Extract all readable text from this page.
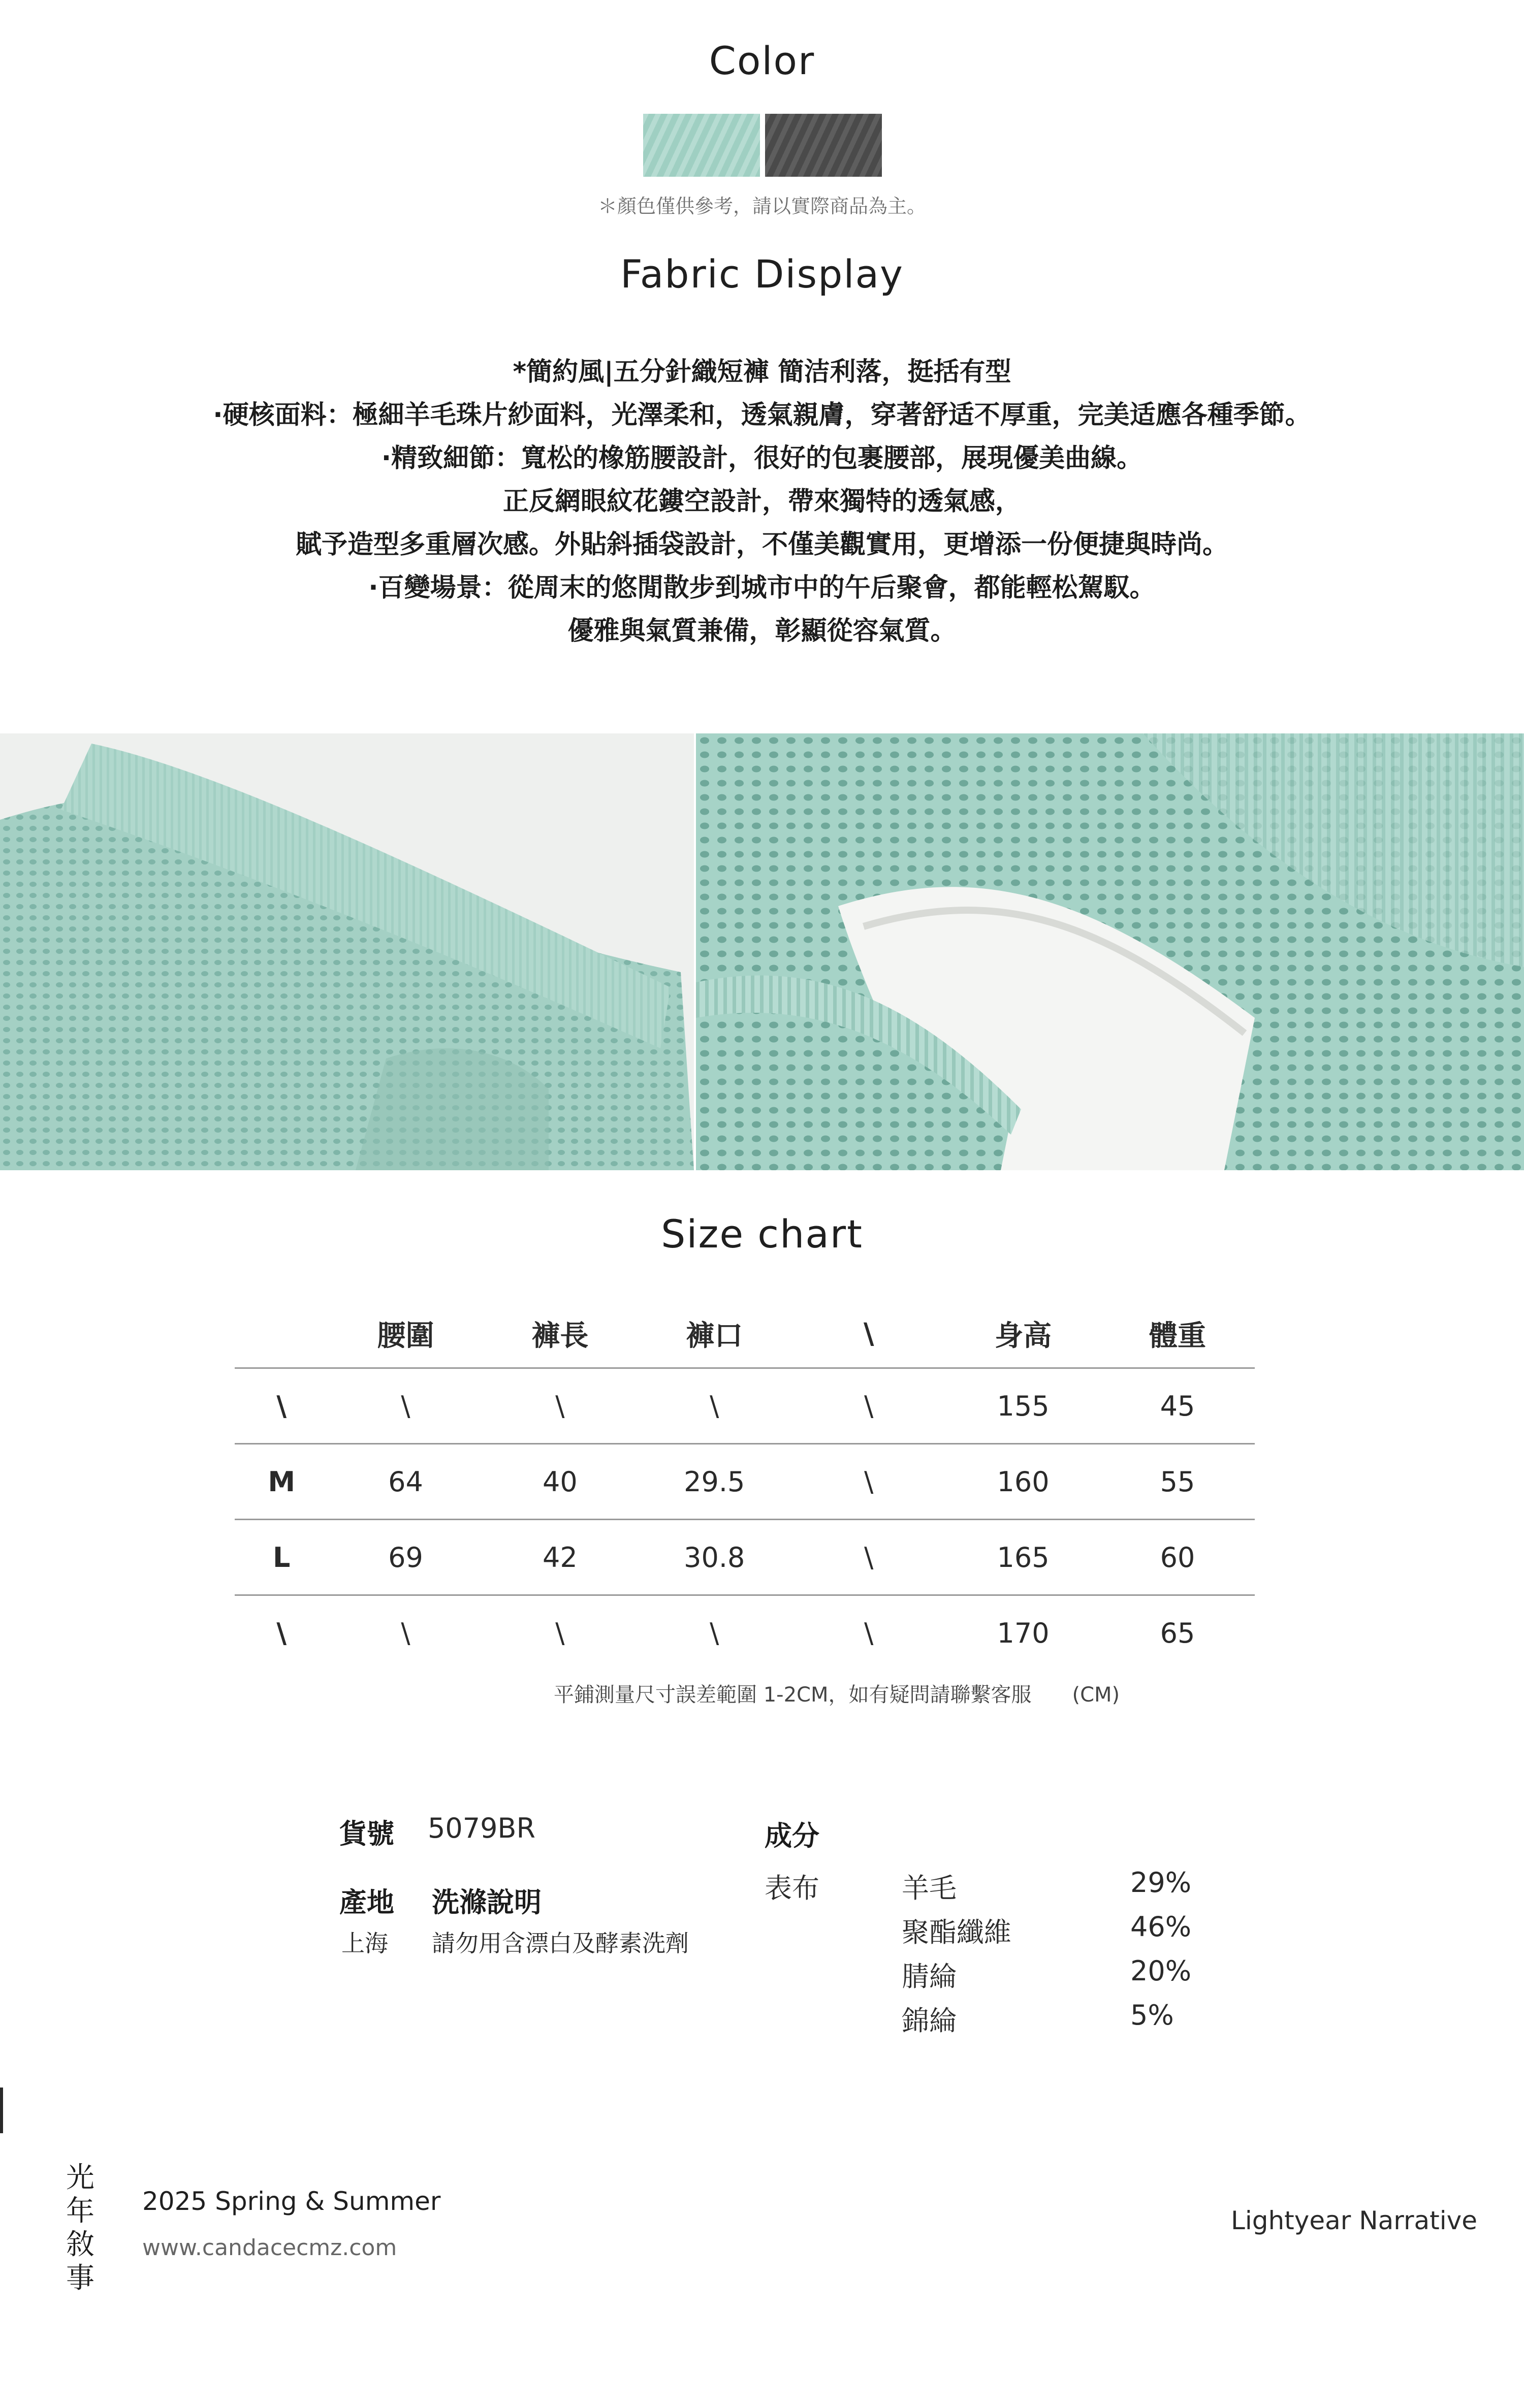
Color
＊顏色僅供參考，請以實際商品為主。
Fabric Display
*簡約風|五分針織短褲 簡洁利落，挺括有型
·硬核面料：極細羊毛珠片紗面料，光澤柔和，透氣親膚，穿著舒适不厚重，完美适應各種季節。
·精致細節：寬松的橡筋腰設計，很好的包裹腰部，展現優美曲線。
正反網眼紋花鏤空設計，帶來獨特的透氣感，
賦予造型多重層次感。外貼斜插袋設計，不僅美觀實用，更增添一份便捷與時尚。
·百變場景：從周末的悠閒散步到城市中的午后聚會，都能輕松駕馭。
優雅與氣質兼備，彰顯從容氣質。
Size chart
	腰圍	褲長	褲口	\	身高	體重
\	\	\	\	\	155	45
M	64	40	29.5	\	160	55
L	69	42	30.8	\	165	60
\	\	\	\	\	170	65
平鋪測量尺寸誤差範圍 1-2CM，如有疑問請聯繫客服 (CM)
貨號 5079BR
產地 洗滌說明
上海 請勿用含漂白及酵素洗劑
成分
表布	羊毛	29%
聚酯纖維	46%
腈綸	20%
錦綸	5%
光
年
敘
事
2025 Spring & Summer
www.candacecmz.com
Lightyear Narrative
